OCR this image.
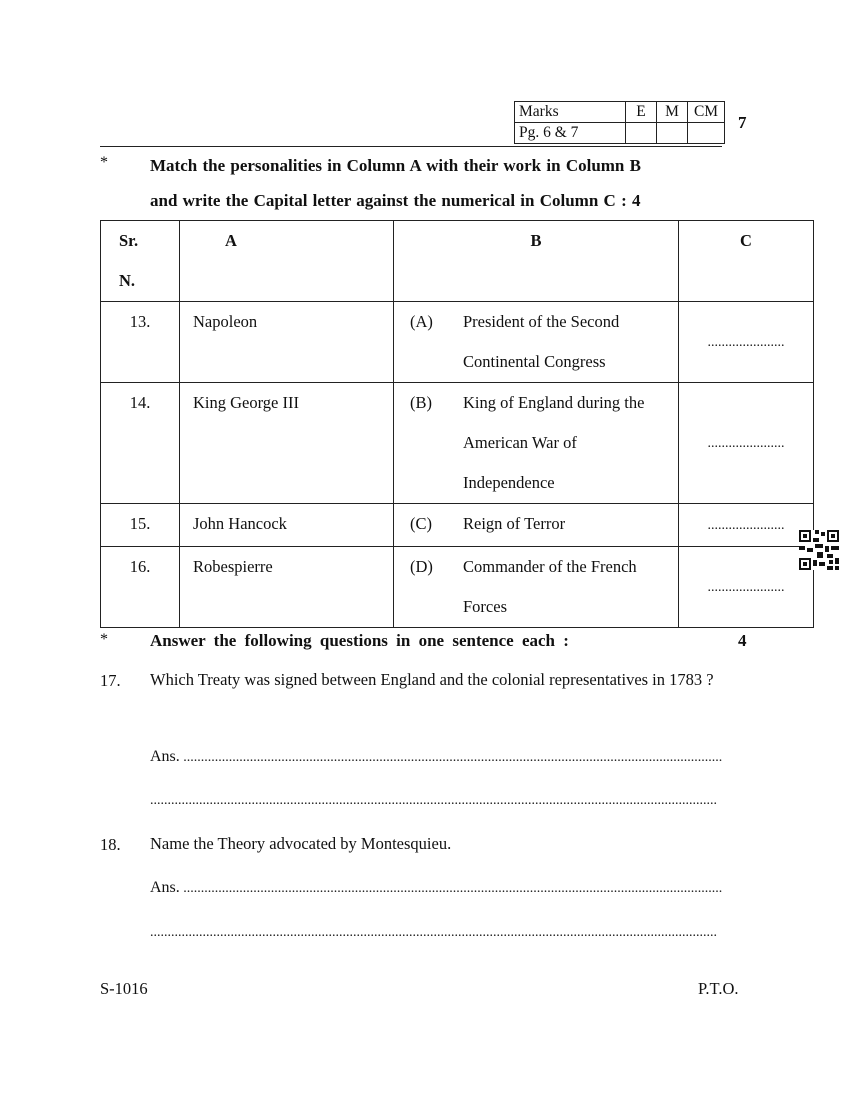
Marks	E	M	CM
Pg. 6 & 7			
7
* Match the personalities in Column A with their work in Column B
and write the Capital letter against the numerical in Column C : 4
Sr.
N.	A	B	C
13.	Napoleon	(A) President of the Second Continental Congress	......................
14.	King George III	(B) King of England during the American War of Independence	......................
15.	John Hancock	(C) Reign of Terror	......................
16.	Robespierre	(D) Commander of the French Forces	......................
* Answer the following questions in one sentence each :	4
17. Which Treaty was signed between England and the colonial representatives in 1783 ?
Ans. ..........................................................................................................................................................
..................................................................................................................................................................
18. Name the Theory advocated by Montesquieu.
Ans. ..........................................................................................................................................................
..................................................................................................................................................................
S-1016	P.T.O.
